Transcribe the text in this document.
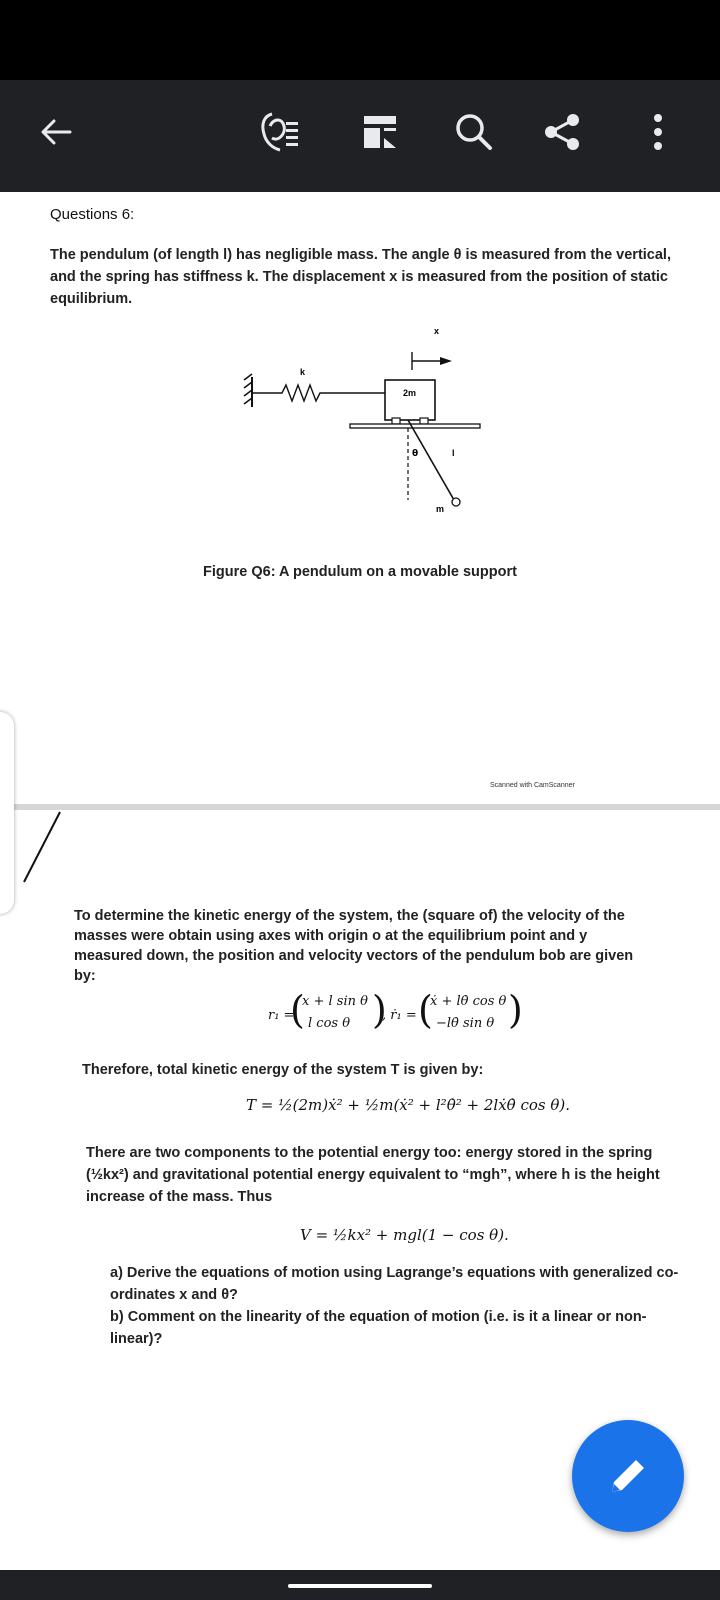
Questions 6:
The pendulum (of length l) has negligible mass. The angle θ is measured from the vertical, and the spring has stiffness k. The displacement x is measured from the position of static equilibrium.
k
2m
x
θ	l
m
Figure Q6: A pendulum on a movable support
Scanned with CamScanner
To determine the kinetic energy of the system, the (square of) the velocity of the masses were obtain using axes with origin o at the equilibrium point and y measured down, the position and velocity vectors of the pendulum bob are given by:
r₁ =
(
x + l sin θ
l cos θ )
, ṙ₁ = (
ẋ + lθ̇ cos θ
−lθ̇ sin θ )
Therefore, total kinetic energy of the system T is given by:
T = ½(2m)ẋ² + ½m(ẋ² + l²θ̇² + 2lẋθ̇ cos θ).
There are two components to the potential energy too: energy stored in the spring (½kx²) and gravitational potential energy equivalent to “mgh”, where h is the height increase of the mass. Thus
V = ½kx² + mgl(1 − cos θ).
a) Derive the equations of motion using Lagrange’s equations with generalized co-ordinates x and θ?
b) Comment on the linearity of the equation of motion (i.e. is it a linear or non-linear)?
